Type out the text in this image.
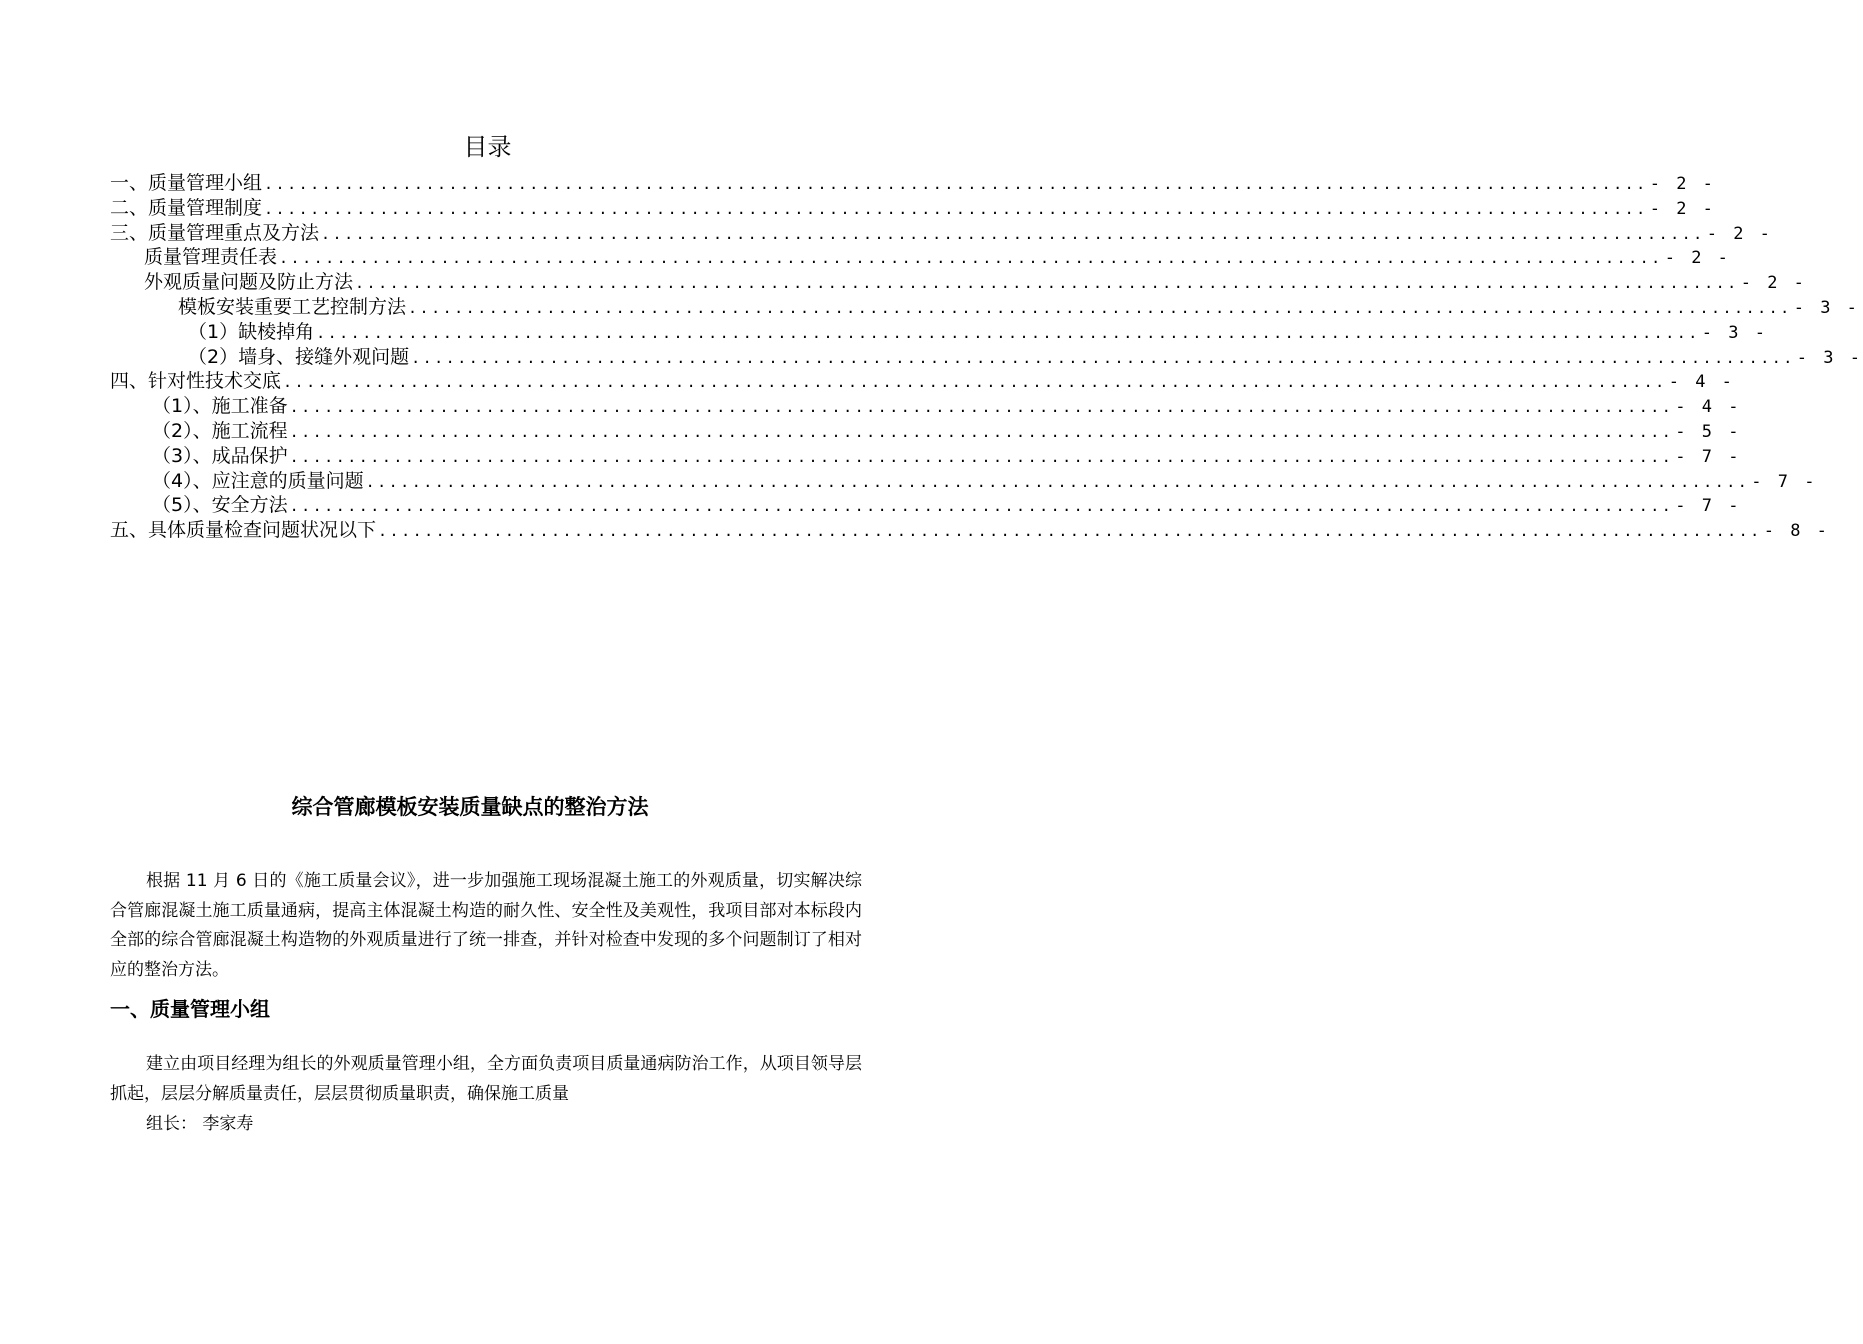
目录
一、质量管理小组 ........................................................................................................................ - 2 -
二、质量管理制度 ........................................................................................................................ - 2 -
三、质量管理重点及方法 ........................................................................................................................ - 2 -
质量管理责任表 ........................................................................................................................ - 2 -
外观质量问题及防止方法 ........................................................................................................................ - 2 -
模板安装重要工艺控制方法 ........................................................................................................................ - 3 -
（1）缺棱掉角 ........................................................................................................................ - 3 -
（2）墙身、接缝外观问题 ........................................................................................................................ - 3 -
四、针对性技术交底 ........................................................................................................................ - 4 -
（1）、施工准备 ........................................................................................................................ - 4 -
（2）、施工流程 ........................................................................................................................ - 5 -
（3）、成品保护 ........................................................................................................................ - 7 -
（4）、应注意的质量问题 ........................................................................................................................ - 7 -
（5）、安全方法 ........................................................................................................................ - 7 -
五、具体质量检查问题状况以下 ........................................................................................................................ - 8 -
综合管廊模板安装质量缺点的整治方法
根据 11 月 6 日的《施工质量会议》，进一步加强施工现场混凝土施工的外观质量，切实解决综合管廊混凝土施工质量通病，提高主体混凝土构造的耐久性、安全性及美观性，我项目部对本标段内全部的综合管廊混凝土构造物的外观质量进行了统一排查，并针对检查中发现的多个问题制订了相对应的整治方法。
一、质量管理小组
建立由项目经理为组长的外观质量管理小组，全方面负责项目质量通病防治工作，从项目领导层抓起，层层分解质量责任，层层贯彻质量职责，确保施工质量
组长： 李家寿
